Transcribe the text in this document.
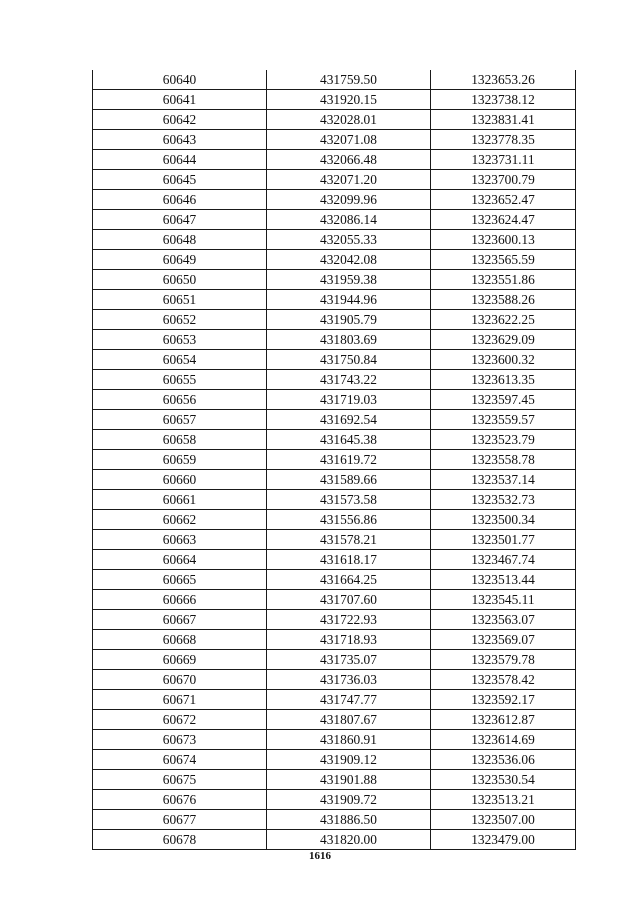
60640	431759.50	1323653.26
60641	431920.15	1323738.12
60642	432028.01	1323831.41
60643	432071.08	1323778.35
60644	432066.48	1323731.11
60645	432071.20	1323700.79
60646	432099.96	1323652.47
60647	432086.14	1323624.47
60648	432055.33	1323600.13
60649	432042.08	1323565.59
60650	431959.38	1323551.86
60651	431944.96	1323588.26
60652	431905.79	1323622.25
60653	431803.69	1323629.09
60654	431750.84	1323600.32
60655	431743.22	1323613.35
60656	431719.03	1323597.45
60657	431692.54	1323559.57
60658	431645.38	1323523.79
60659	431619.72	1323558.78
60660	431589.66	1323537.14
60661	431573.58	1323532.73
60662	431556.86	1323500.34
60663	431578.21	1323501.77
60664	431618.17	1323467.74
60665	431664.25	1323513.44
60666	431707.60	1323545.11
60667	431722.93	1323563.07
60668	431718.93	1323569.07
60669	431735.07	1323579.78
60670	431736.03	1323578.42
60671	431747.77	1323592.17
60672	431807.67	1323612.87
60673	431860.91	1323614.69
60674	431909.12	1323536.06
60675	431901.88	1323530.54
60676	431909.72	1323513.21
60677	431886.50	1323507.00
60678	431820.00	1323479.00
1616
